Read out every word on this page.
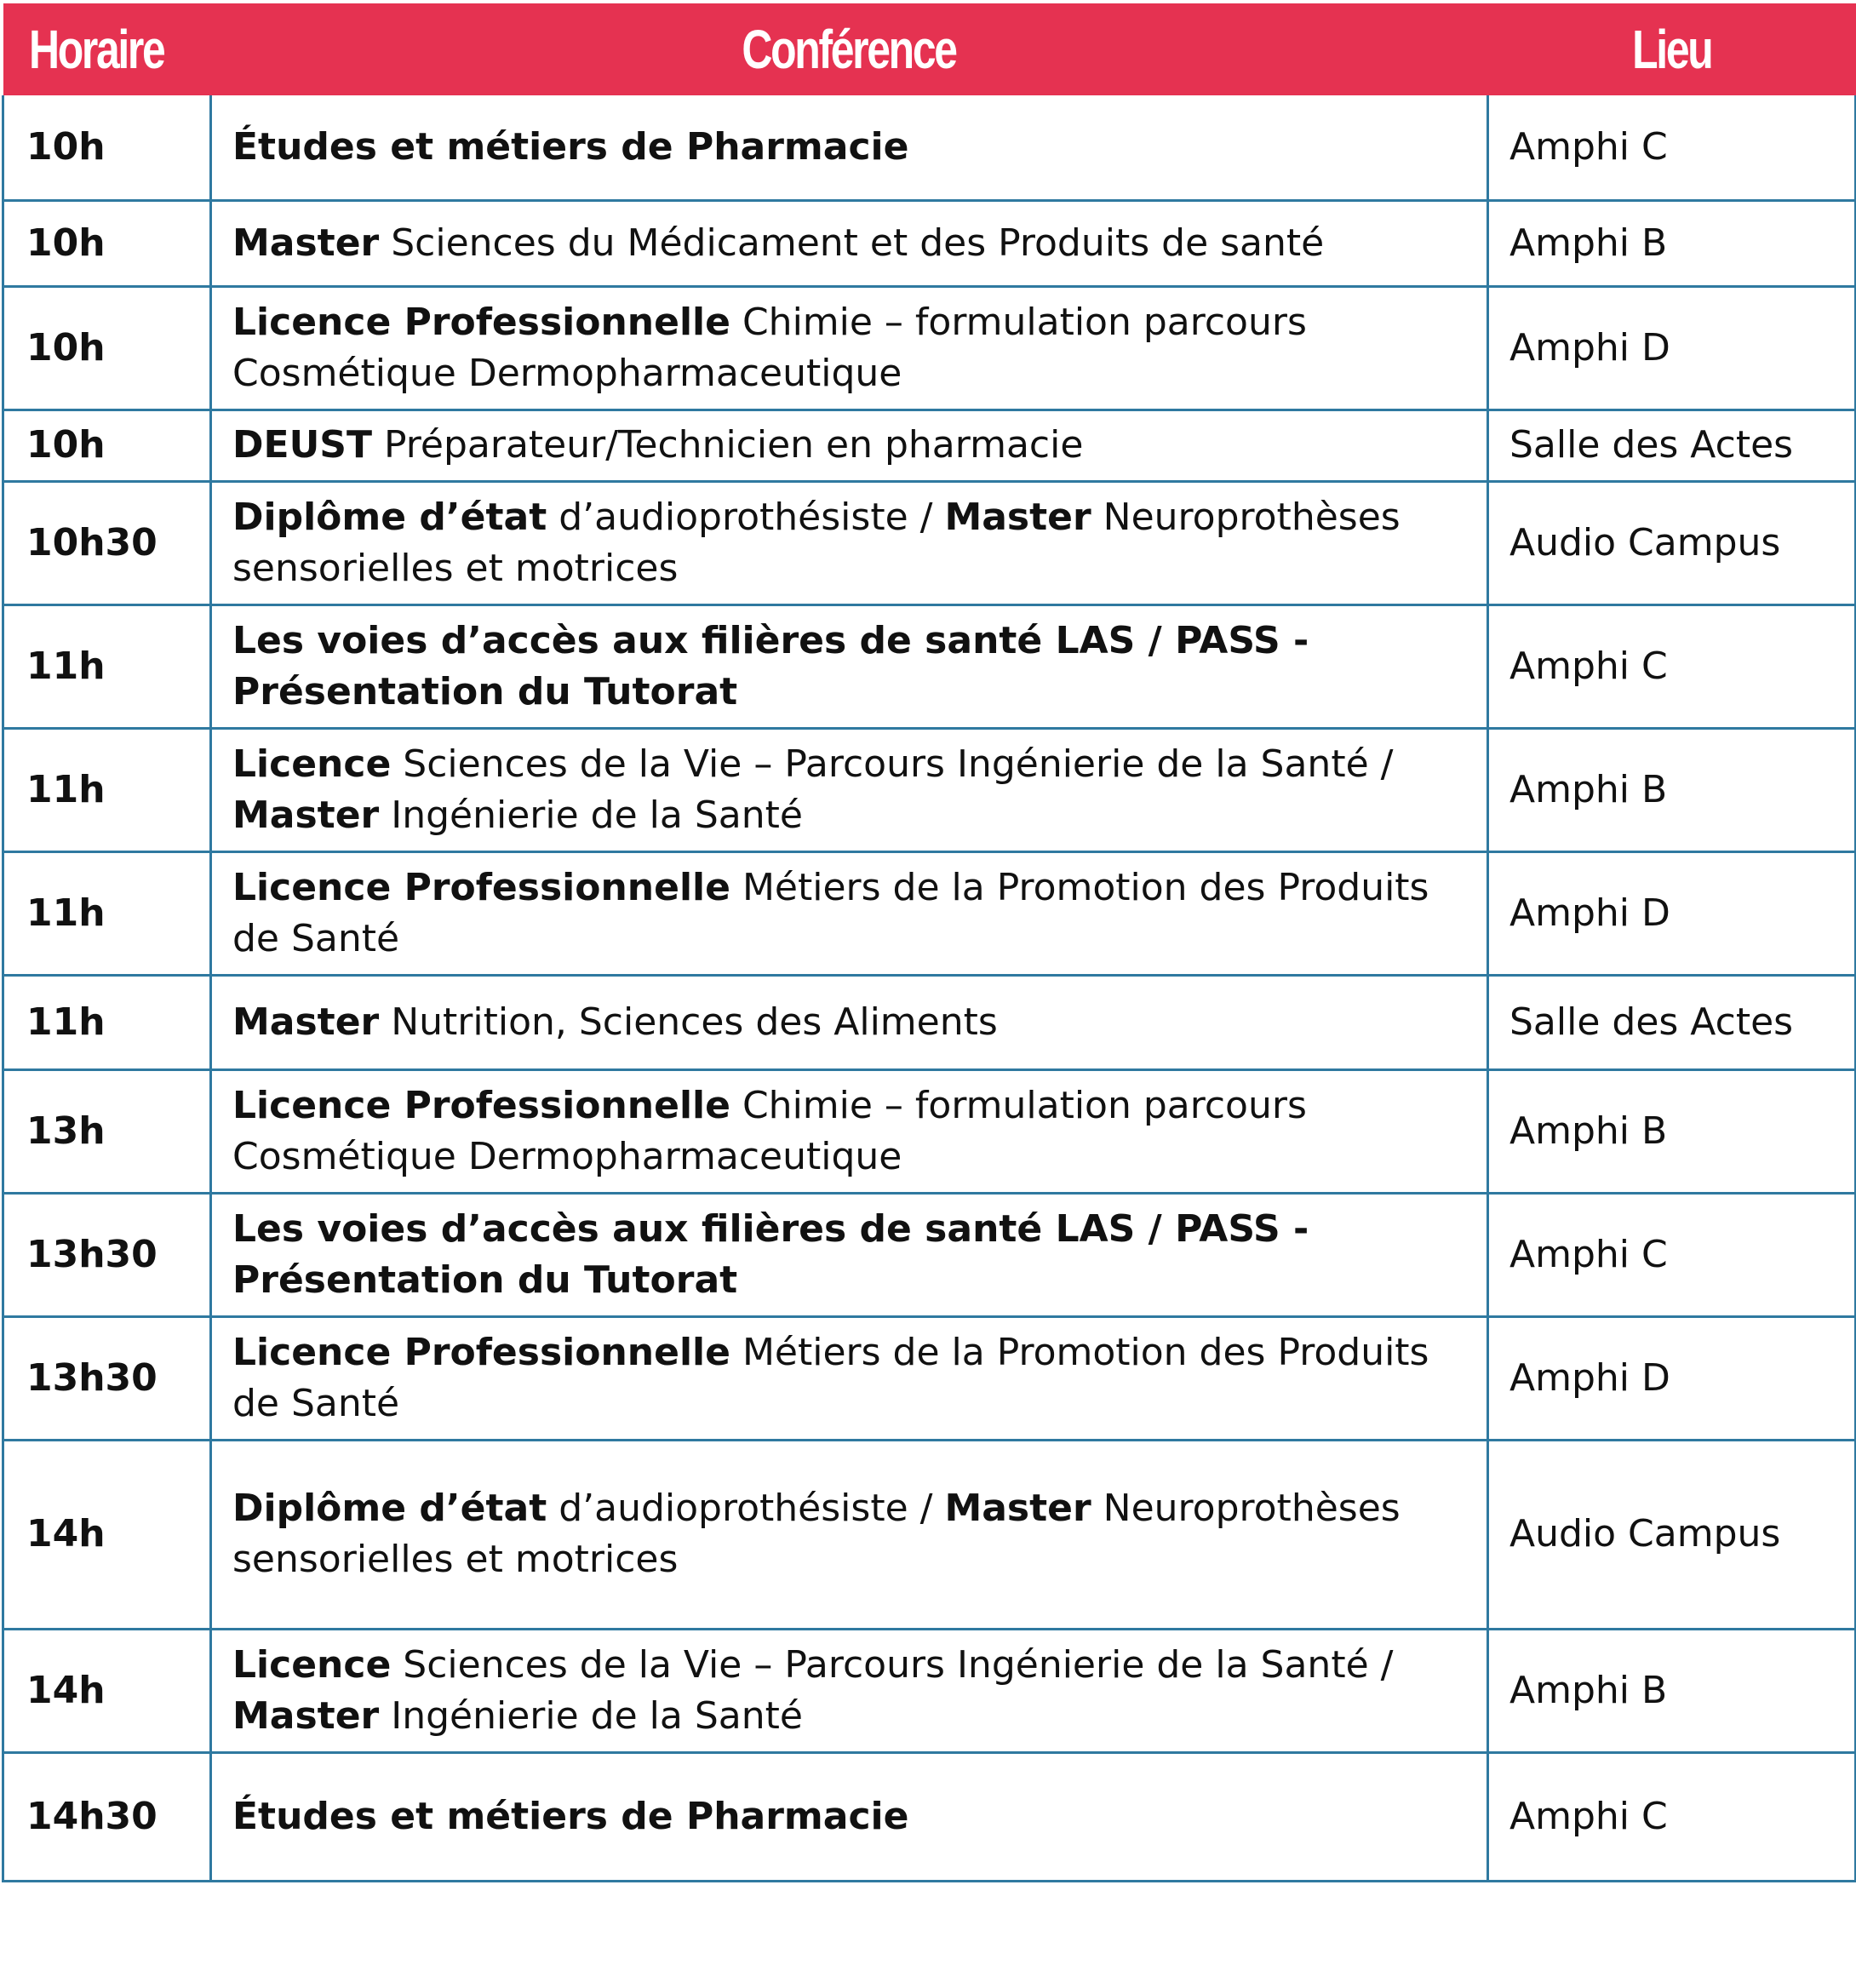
Horaire	Conférence	Lieu
10h	Études et métiers de Pharmacie	Amphi C
10h	Master Sciences du Médicament et des Produits de santé	Amphi B
10h	Licence Professionnelle Chimie – formulation parcours Cosmétique Dermopharmaceutique	Amphi D
10h	DEUST Préparateur/Technicien en pharmacie	Salle des Actes
10h30	Diplôme d’état d’audioprothésiste / Master Neuroprothèses sensorielles et motrices	Audio Campus
11h	Les voies d’accès aux filières de santé LAS / PASS - Présentation du Tutorat	Amphi C
11h	Licence Sciences de la Vie – Parcours Ingénierie de la Santé / Master Ingénierie de la Santé	Amphi B
11h	Licence Professionnelle Métiers de la Promotion des Produits de Santé	Amphi D
11h	Master Nutrition, Sciences des Aliments	Salle des Actes
13h	Licence Professionnelle Chimie – formulation parcours Cosmétique Dermopharmaceutique	Amphi B
13h30	Les voies d’accès aux filières de santé LAS / PASS - Présentation du Tutorat	Amphi C
13h30	Licence Professionnelle Métiers de la Promotion des Produits de Santé	Amphi D
14h	Diplôme d’état d’audioprothésiste / Master Neuroprothèses sensorielles et motrices	Audio Campus
14h	Licence Sciences de la Vie – Parcours Ingénierie de la Santé / Master Ingénierie de la Santé	Amphi B
14h30	Études et métiers de Pharmacie	Amphi C
